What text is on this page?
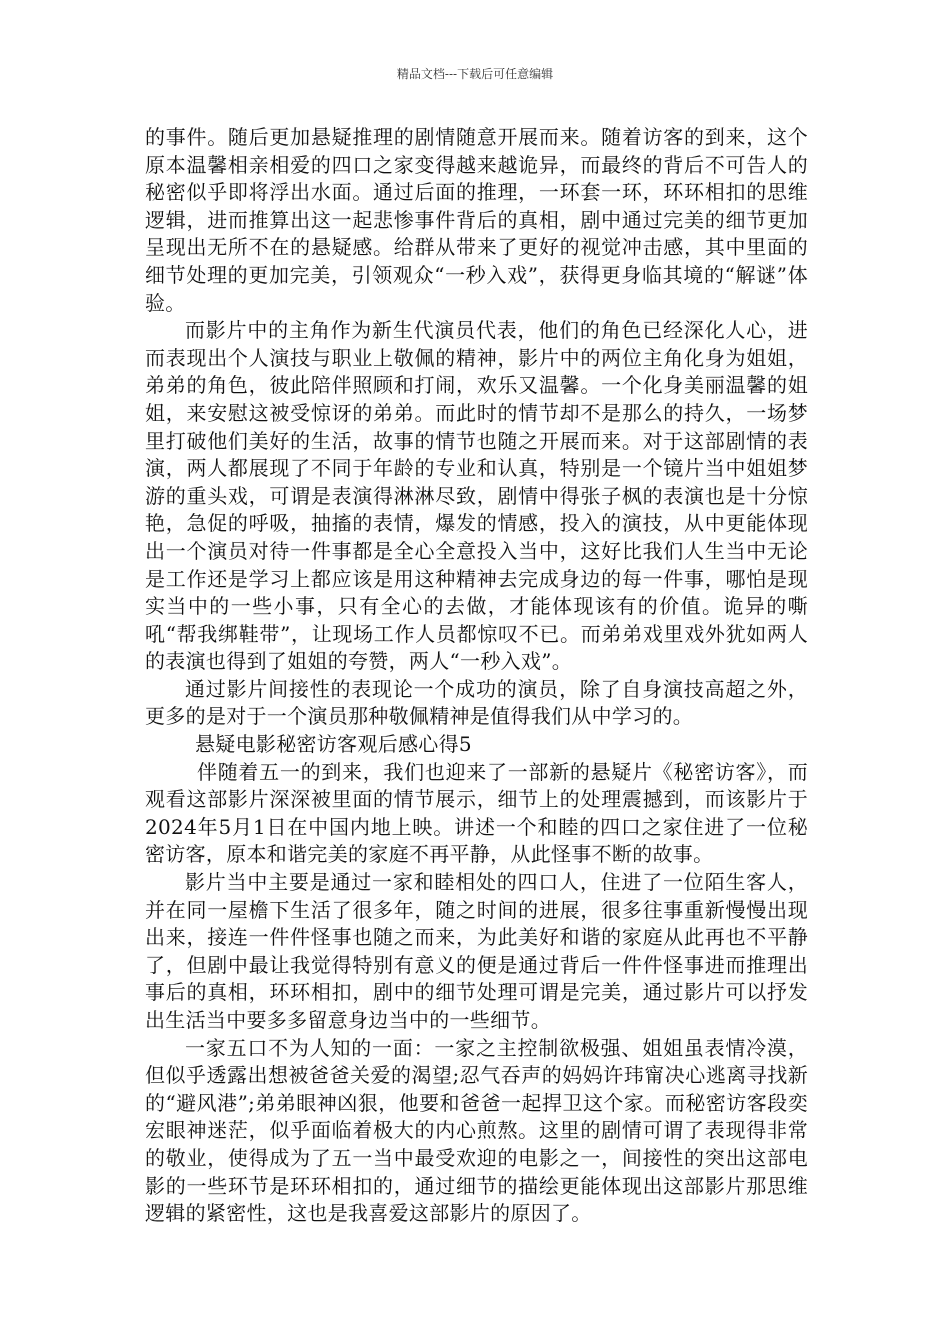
精品文档---下载后可任意编辑

的事件。随后更加悬疑推理的剧情随意开展而来。随着访客的到来，这个原本温馨相亲相爱的四口之家变得越来越诡异，而最终的背后不可告人的秘密似乎即将浮出水面。通过后面的推理，一环套一环，环环相扣的思维逻辑，进而推算出这一起悲惨事件背后的真相，剧中通过完美的细节更加呈现出无所不在的悬疑感。给群从带来了更好的视觉冲击感，其中里面的细节处理的更加完美，引领观众“一秒入戏”，获得更身临其境的“解谜”体验。

而影片中的主角作为新生代演员代表，他们的角色已经深化人心，进而表现出个人演技与职业上敬佩的精神，影片中的两位主角化身为姐姐，弟弟的角色，彼此陪伴照顾和打闹，欢乐又温馨。一个化身美丽温馨的姐姐，来安慰这被受惊讶的弟弟。而此时的情节却不是那么的持久，一场梦里打破他们美好的生活，故事的情节也随之开展而来。对于这部剧情的表演，两人都展现了不同于年龄的专业和认真，特别是一个镜片当中姐姐梦游的重头戏，可谓是表演得淋淋尽致，剧情中得张子枫的表演也是十分惊艳，急促的呼吸，抽搐的表情，爆发的情感，投入的演技，从中更能体现出一个演员对待一件事都是全心全意投入当中，这好比我们人生当中无论是工作还是学习上都应该是用这种精神去完成身边的每一件事，哪怕是现实当中的一些小事，只有全心的去做，才能体现该有的价值。诡异的嘶吼“帮我绑鞋带”，让现场工作人员都惊叹不已。而弟弟戏里戏外犹如两人的表演也得到了姐姐的夸赞，两人“一秒入戏”。

通过影片间接性的表现论一个成功的演员，除了自身演技高超之外，更多的是对于一个演员那种敬佩精神是值得我们从中学习的。

悬疑电影秘密访客观后感心得5

伴随着五一的到来，我们也迎来了一部新的悬疑片《秘密访客》，而观看这部影片深深被里面的情节展示，细节上的处理震撼到，而该影片于2024年5月1日在中国内地上映。讲述一个和睦的四口之家住进了一位秘密访客，原本和谐完美的家庭不再平静，从此怪事不断的故事。

影片当中主要是通过一家和睦相处的四口人，住进了一位陌生客人，并在同一屋檐下生活了很多年，随之时间的进展，很多往事重新慢慢出现出来，接连一件件怪事也随之而来，为此美好和谐的家庭从此再也不平静了，但剧中最让我觉得特别有意义的便是通过背后一件件怪事进而推理出事后的真相，环环相扣，剧中的细节处理可谓是完美，通过影片可以抒发出生活当中要多多留意身边当中的一些细节。

一家五口不为人知的一面：一家之主控制欲极强、姐姐虽表情冷漠，但似乎透露出想被爸爸关爱的渴望;忍气吞声的妈妈许玮甯决心逃离寻找新的“避风港”;弟弟眼神凶狠，他要和爸爸一起捍卫这个家。而秘密访客段奕宏眼神迷茫，似乎面临着极大的内心煎熬。这里的剧情可谓了表现得非常的敬业，使得成为了五一当中最受欢迎的电影之一，间接性的突出这部电影的一些环节是环环相扣的，通过细节的描绘更能体现出这部影片那思维逻辑的紧密性，这也是我喜爱这部影片的原因了。
